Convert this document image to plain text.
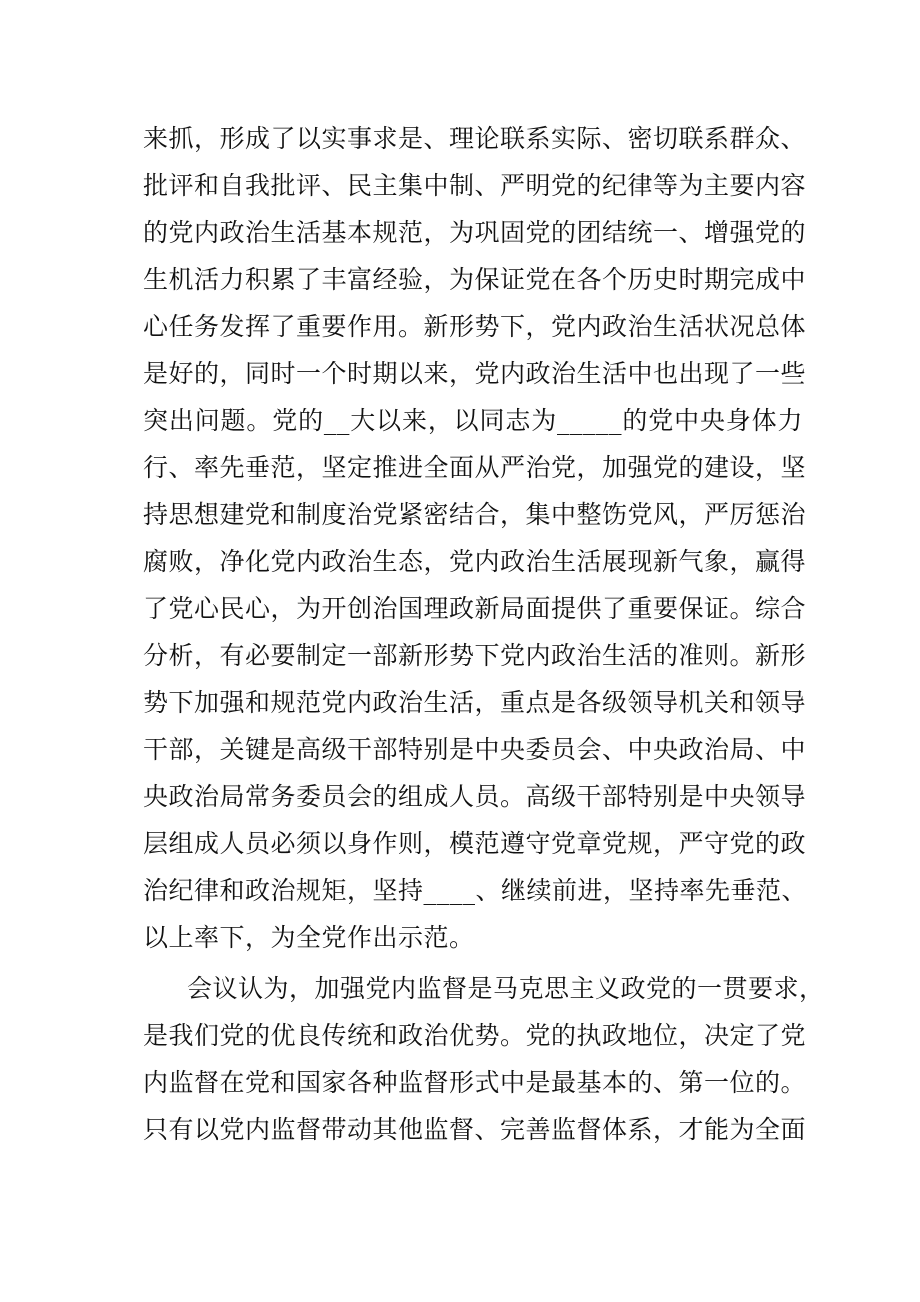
来抓，形成了以实事求是、理论联系实际、密切联系群众、
批评和自我批评、民主集中制、严明党的纪律等为主要内容
的党内政治生活基本规范，为巩固党的团结统一、增强党的
生机活力积累了丰富经验，为保证党在各个历史时期完成中
心任务发挥了重要作用。新形势下，党内政治生活状况总体
是好的，同时一个时期以来，党内政治生活中也出现了一些
突出问题。党的__大以来，以同志为_____的党中央身体力
行、率先垂范，坚定推进全面从严治党，加强党的建设，坚
持思想建党和制度治党紧密结合，集中整饬党风，严厉惩治
腐败，净化党内政治生态，党内政治生活展现新气象，赢得
了党心民心，为开创治国理政新局面提供了重要保证。综合
分析，有必要制定一部新形势下党内政治生活的准则。新形
势下加强和规范党内政治生活，重点是各级领导机关和领导
干部，关键是高级干部特别是中央委员会、中央政治局、中
央政治局常务委员会的组成人员。高级干部特别是中央领导
层组成人员必须以身作则，模范遵守党章党规，严守党的政
治纪律和政治规矩，坚持____、继续前进，坚持率先垂范、
以上率下，为全党作出示范。
会议认为，加强党内监督是马克思主义政党的一贯要求，
是我们党的优良传统和政治优势。党的执政地位，决定了党
内监督在党和国家各种监督形式中是最基本的、第一位的。
只有以党内监督带动其他监督、完善监督体系，才能为全面
